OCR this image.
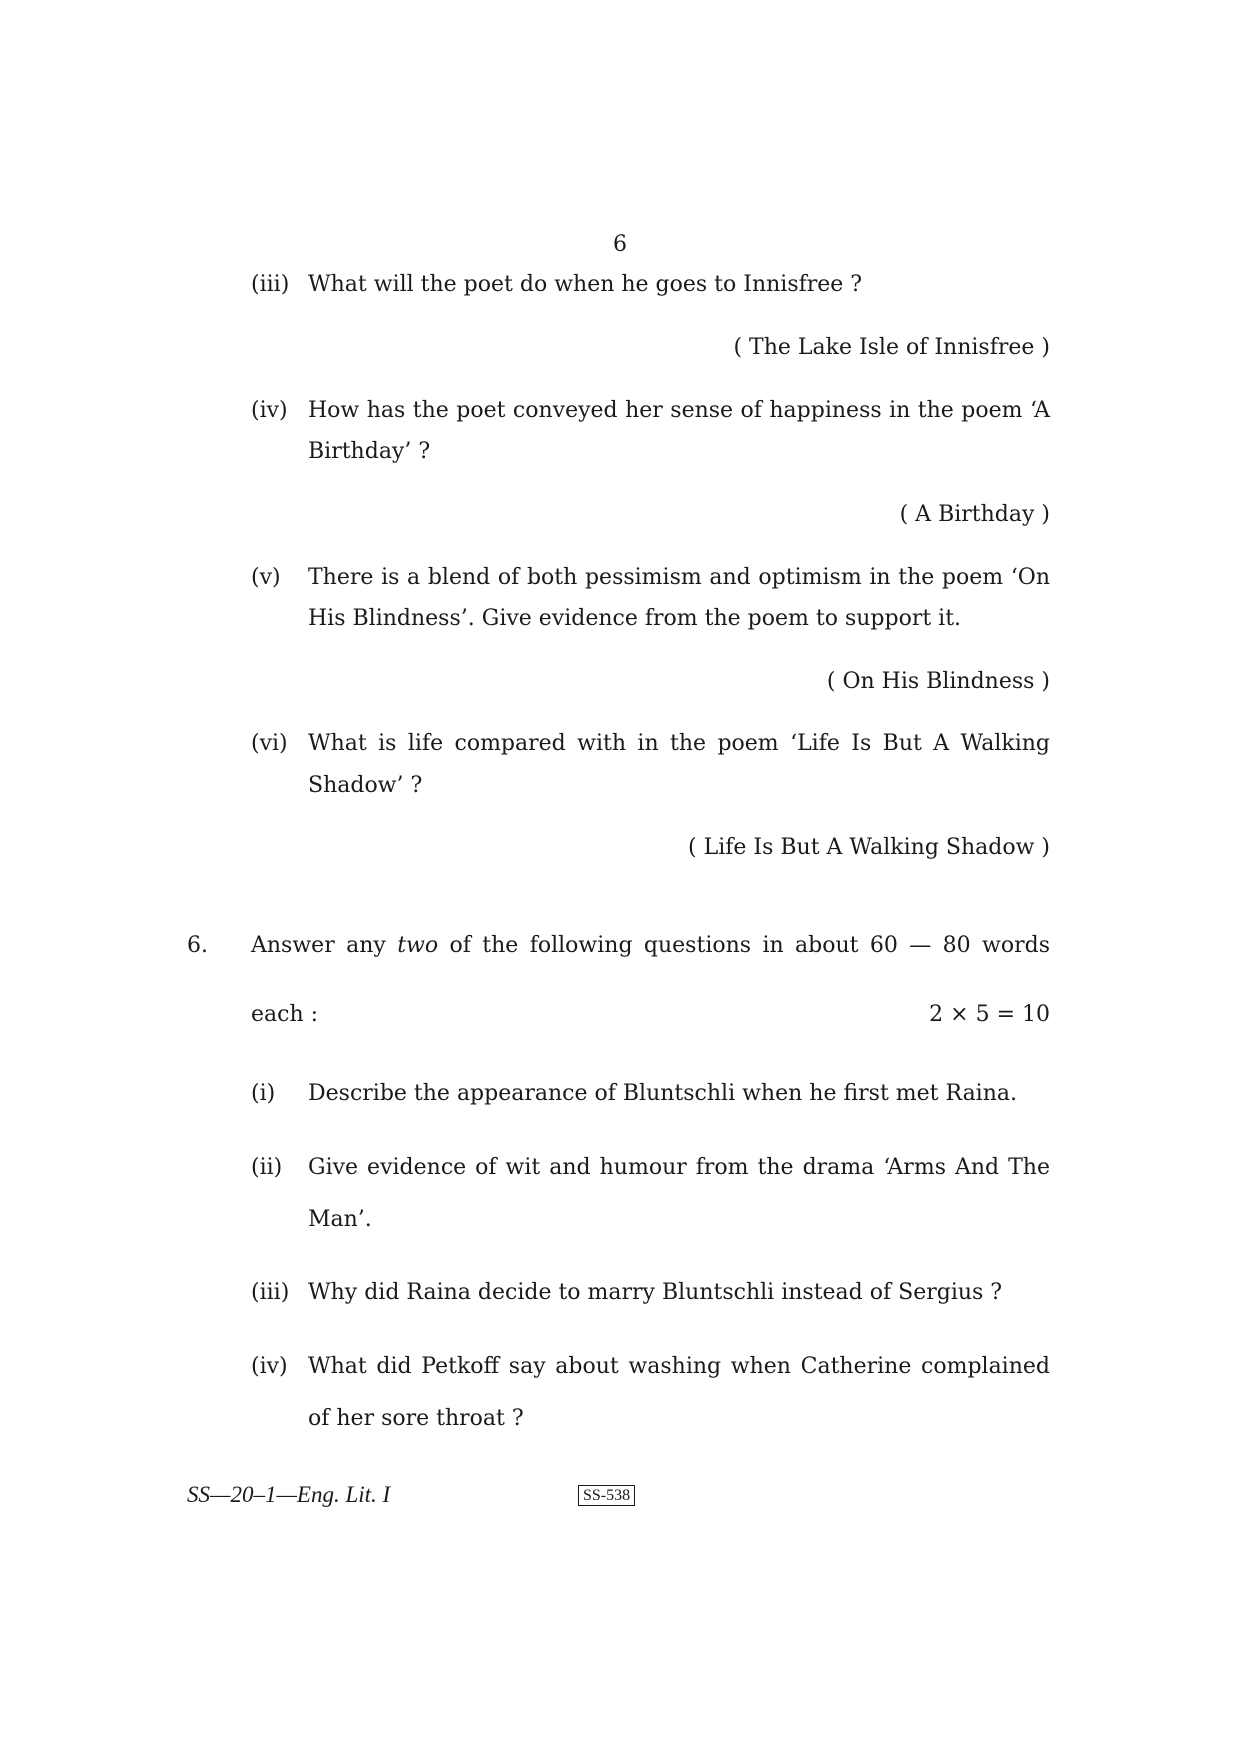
6
(iii) What will the poet do when he goes to Innisfree ?
( The Lake Isle of Innisfree )
(iv) How has the poet conveyed her sense of happiness in the poem ‘A
Birthday’ ?
( A Birthday )
(v) There is a blend of both pessimism and optimism in the poem ‘On
His Blindness’. Give evidence from the poem to support it.
( On His Blindness )
(vi) What is life compared with in the poem ‘Life Is But A Walking
Shadow’ ?
( Life Is But A Walking Shadow )
6. Answer any two of the following questions in about 60 — 80 words
each :	2 × 5 = 10
(i) Describe the appearance of Bluntschli when he first met Raina.
(ii) Give evidence of wit and humour from the drama ‘Arms And The
Man’.
(iii) Why did Raina decide to marry Bluntschli instead of Sergius ?
(iv) What did Petkoff say about washing when Catherine complained
of her sore throat ?
SS—20–1—Eng. Lit. I	SS-538
